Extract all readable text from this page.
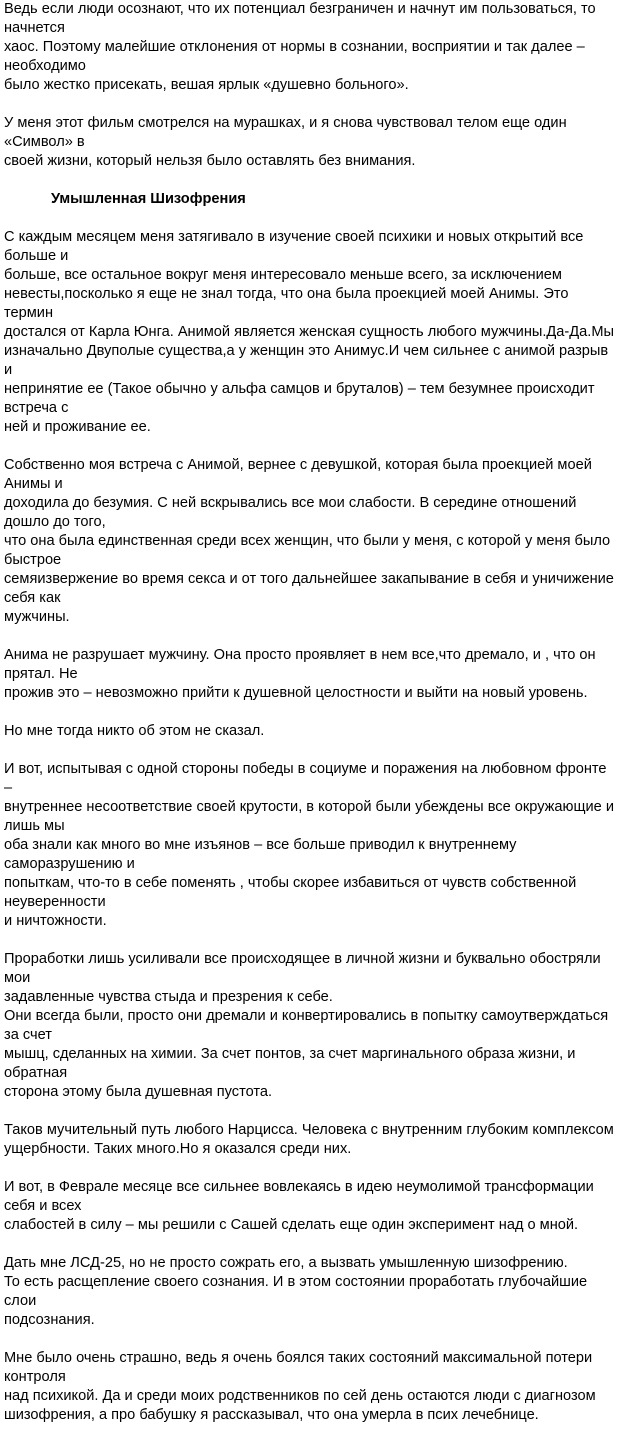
Ведь если люди осознают, что их потенциал безграничен и начнут им пользоваться, то начнется
хаос. Поэтому малейшие отклонения от нормы в сознании, восприятии и так далее – необходимо
было жестко присекать, вешая ярлык «душевно больного».
У меня этот фильм смотрелся на мурашках, и я снова чувствовал телом еще один «Символ» в
своей жизни, который нельзя было оставлять без внимания.
Умышленная Шизофрения
С каждым месяцем меня затягивало в изучение своей психики и новых открытий все больше и
больше, все остальное вокруг меня интересовало меньше всего, за исключением
невесты,посколько я еще не знал тогда, что она была проекцией моей Анимы. Это термин
достался от Карла Юнга. Анимой является женская сущность любого мужчины.Да-Да.Мы
изначально Двуполые существа,а у женщин это Анимус.И чем сильнее с анимой разрыв и
непринятие ее (Такое обычно у альфа самцов и бруталов) – тем безумнее происходит встреча с
ней и проживание ее.
Собственно моя встреча с Анимой, вернее с девушкой, которая была проекцией моей Анимы и
доходила до безумия. С ней вскрывались все мои слабости. В середине отношений дошло до того,
что она была единственная среди всех женщин, что были у меня, с которой у меня было быстрое
семяизвержение во время секса и от того дальнейшее закапывание в себя и уничижение себя как
мужчины.
Анима не разрушает мужчину. Она просто проявляет в нем все,что дремало, и , что он прятал. Не
прожив это – невозможно прийти к душевной целостности и выйти на новый уровень.
Но мне тогда никто об этом не сказал.
И вот, испытывая с одной стороны победы в социуме и поражения на любовном фронте –
внутреннее несоответствие своей крутости, в которой были убеждены все окружающие и лишь мы
оба знали как много во мне изъянов – все больше приводил к внутреннему саморазрушению и
попыткам, что-то в себе поменять , чтобы скорее избавиться от чувств собственной неуверенности
и ничтожности.
Проработки лишь усиливали все происходящее в личной жизни и буквально обостряли мои
задавленные чувства стыда и презрения к себе.
Они всегда были, просто они дремали и конвертировались в попытку самоутверждаться за счет
мышц, сделанных на химии. За счет понтов, за счет маргинального образа жизни, и обратная
сторона этому была душевная пустота.
Таков мучительный путь любого Нарцисса. Человека с внутренним глубоким комплексом
ущербности. Таких много.Но я оказался среди них.
И вот, в Феврале месяце все сильнее вовлекаясь в идею неумолимой трансформации себя и всех
слабостей в силу – мы решили с Сашей сделать еще один эксперимент над о мной.
Дать мне ЛСД-25, но не просто сожрать его, а вызвать умышленную шизофрению.
То есть расщепление своего сознания. И в этом состоянии проработать глубочайшие слои
подсознания.
Мне было очень страшно, ведь я очень боялся таких состояний максимальной потери контроля
над психикой. Да и среди моих родственников по сей день остаются люди с диагнозом
шизофрения, а про бабушку я рассказывал, что она умерла в псих лечебнице.
